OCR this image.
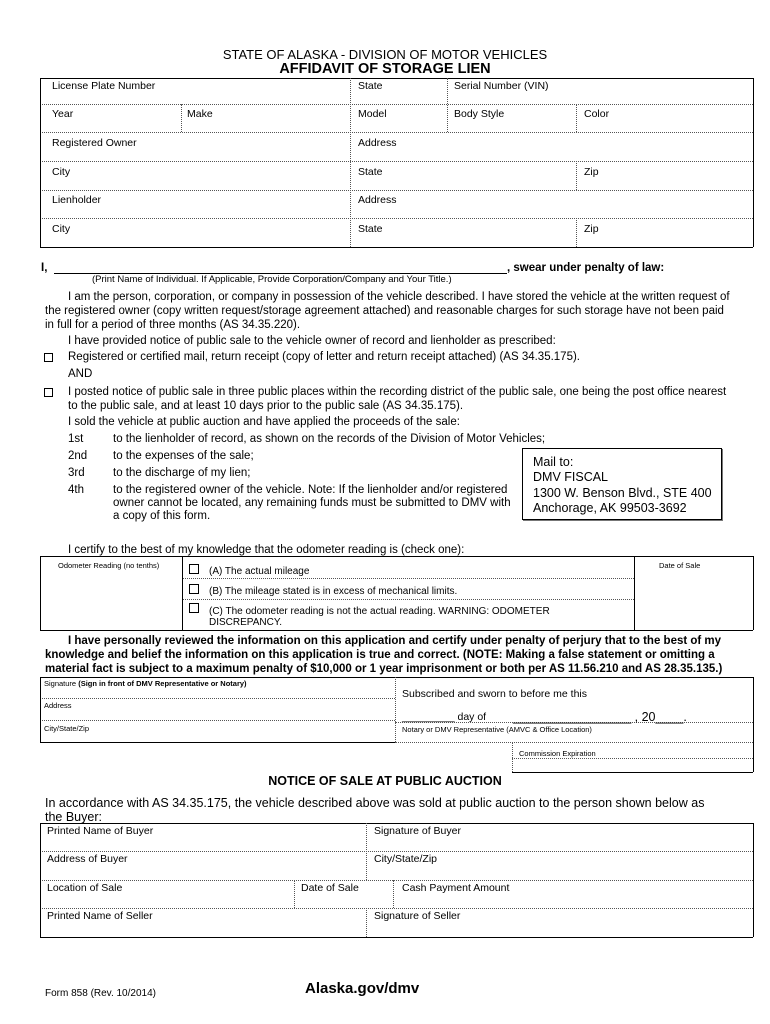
STATE OF ALASKA - DIVISION OF MOTOR VEHICLES
AFFIDAVIT OF STORAGE LIEN
License Plate Number	State	Serial Number (VIN)
Year	Make	Model	Body Style	Color
Registered Owner	Address
City	State	Zip
Lienholder	Address
City	State	Zip
I,	, swear under penalty of law:
(Print Name of Individual. If Applicable, Provide Corporation/Company and Your Title.)
I am the person, corporation, or company in possession of the vehicle described. I have stored the vehicle at the written request of
the registered owner (copy written request/storage agreement attached) and reasonable charges for such storage have not been paid
in full for a period of three months (AS 34.35.220).
I have provided notice of public sale to the vehicle owner of record and lienholder as prescribed:
Registered or certified mail, return receipt (copy of letter and return receipt attached) (AS 34.35.175).
AND
I posted notice of public sale in three public places within the recording district of the public sale, one being the post office nearest
to the public sale, and at least 10 days prior to the public sale (AS 34.35.175).
I sold the vehicle at public auction and have applied the proceeds of the sale:
1st	to the lienholder of record, as shown on the records of the Division of Motor Vehicles;
2nd to the expenses of the sale;
3rd to the discharge of my lien;
4th	to the registered owner of the vehicle. Note: If the lienholder and/or registered
owner cannot be located, any remaining funds must be submitted to DMV with
a copy of this form.
Mail to:
DMV FISCAL
1300 W. Benson Blvd., STE 400
Anchorage, AK 99503-3692
I certify to the best of my knowledge that the odometer reading is (check one):
Odometer Reading (no tenths)	Date of Sale
(A) The actual mileage
(B) The mileage stated is in excess of mechanical limits.
(C) The odometer reading is not the actual reading. WARNING: ODOMETER
DISCREPANCY.
I have personally reviewed the information on this application and certify under penalty of perjury that to the best of my
knowledge and belief the information on this application is true and correct. (NOTE: Making a false statement or omitting a
material fact is subject to a maximum penalty of $10,000 or 1 year imprisonment or both per AS 11.56.210 and AS 28.35.135.)
Signature (Sign in front of DMV Representative or Notary)
Address
City/State/Zip
Subscribed and sworn to before me this
_________ day of _________________ , 20____.
Notary or DMV Representative (AMVC & Office Location)
Commission Expiration
NOTICE OF SALE AT PUBLIC AUCTION
In accordance with AS 34.35.175, the vehicle described above was sold at public auction to the person shown below as
the Buyer:
Printed Name of Buyer	Signature of Buyer
Address of Buyer	City/State/Zip
Location of Sale	Date of Sale	Cash Payment Amount
Printed Name of Seller	Signature of Seller
Form 858 (Rev. 10/2014)	Alaska.gov/dmv
